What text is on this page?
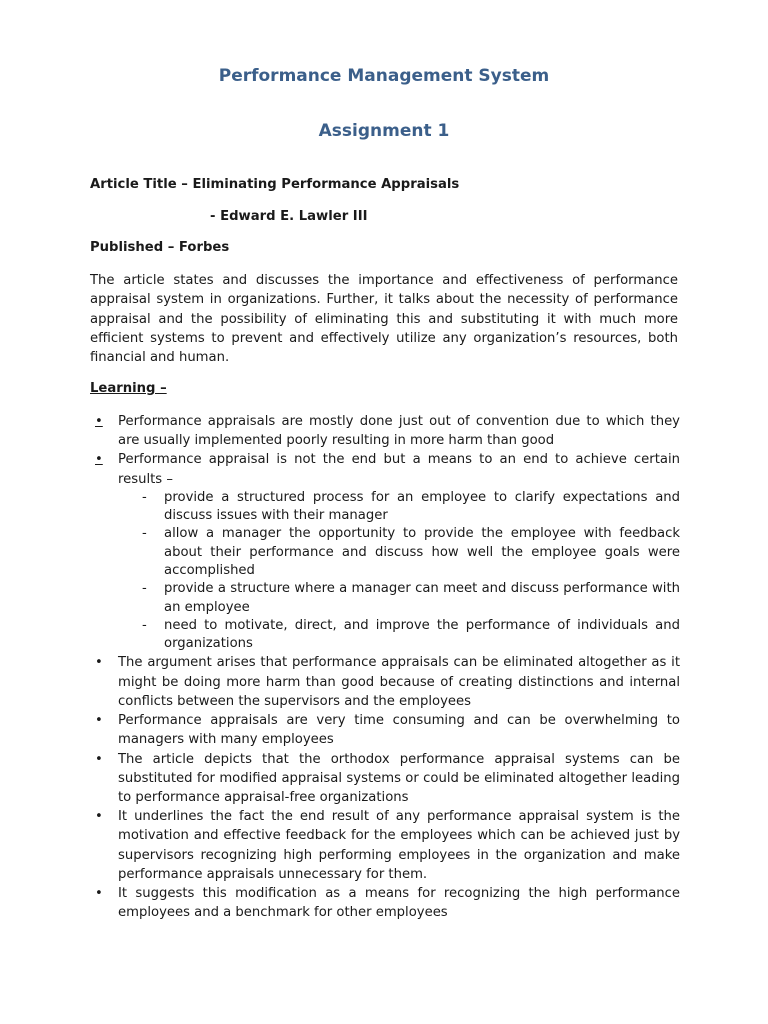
Performance Management System
Assignment 1
Article Title – Eliminating Performance Appraisals
- Edward E. Lawler III
Published – Forbes

The article states and discusses the importance and effectiveness of performance appraisal system in organizations. Further, it talks about the necessity of performance appraisal and the possibility of eliminating this and substituting it with much more efficient systems to prevent and effectively utilize any organization’s resources, both financial and human.

Learning –
•	Performance appraisals are mostly done just out of convention due to which they are usually implemented poorly resulting in more harm than good
•	Performance appraisal is not the end but a means to an end to achieve certain results –
- provide a structured process for an employee to clarify expectations and discuss issues with their manager
- allow a manager the opportunity to provide the employee with feedback about their performance and discuss how well the employee goals were accomplished
- provide a structure where a manager can meet and discuss performance with an employee
- need to motivate, direct, and improve the performance of individuals and organizations
• The argument arises that performance appraisals can be eliminated altogether as it might be doing more harm than good because of creating distinctions and internal conflicts between the supervisors and the employees
• Performance appraisals are very time consuming and can be overwhelming to managers with many employees
• The article depicts that the orthodox performance appraisal systems can be substituted for modified appraisal systems or could be eliminated altogether leading to performance appraisal-free organizations
• It underlines the fact the end result of any performance appraisal system is the motivation and effective feedback for the employees which can be achieved just by supervisors recognizing high performing employees in the organization and make performance appraisals unnecessary for them.
• It suggests this modification as a means for recognizing the high performance employees and a benchmark for other employees
